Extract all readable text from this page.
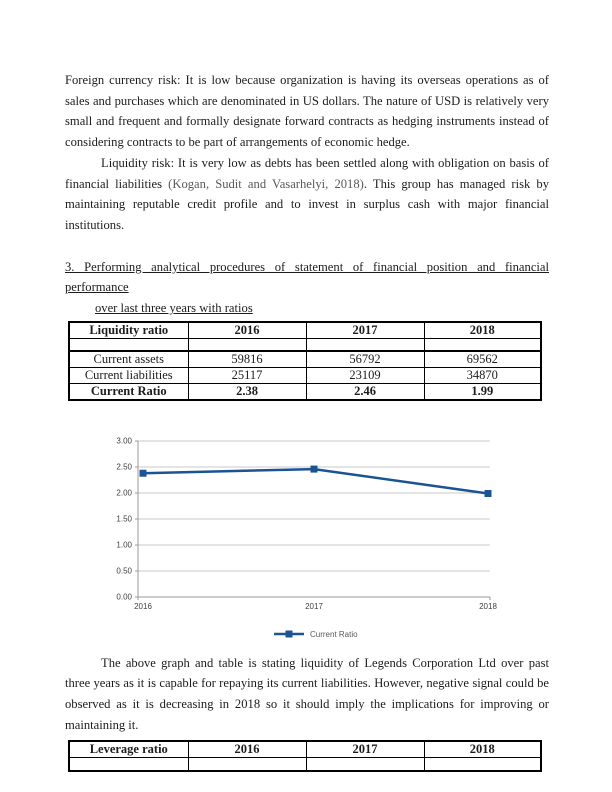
Foreign currency risk: It is low because organization is having its overseas operations as of sales and purchases which are denominated in US dollars. The nature of USD is relatively very small and frequent and formally designate forward contracts as hedging instruments instead of considering contracts to be part of arrangements of economic hedge.

Liquidity risk: It is very low as debts has been settled along with obligation on basis of financial liabilities (Kogan, Sudit and Vasarhelyi, 2018). This group has managed risk by maintaining reputable credit profile and to invest in surplus cash with major financial institutions.

3. Performing analytical procedures of statement of financial position and financial performance
over last three years with ratios
Liquidity ratio	2016	2017	2018

Current assets	59816	56792	69562
Current liabilities	25117	23109	34870
Current Ratio	2.38	2.46	1.99
0.00
0.50
1.00
1.50
2.00
2.50
3.00
2016	2017	2018
Current Ratio

The above graph and table is stating liquidity of Legends Corporation Ltd over past three years as it is capable for repaying its current liabilities. However, negative signal could be observed as it is decreasing in 2018 so it should imply the implications for improving or maintaining it.

Leverage ratio	2016	2017	2018
